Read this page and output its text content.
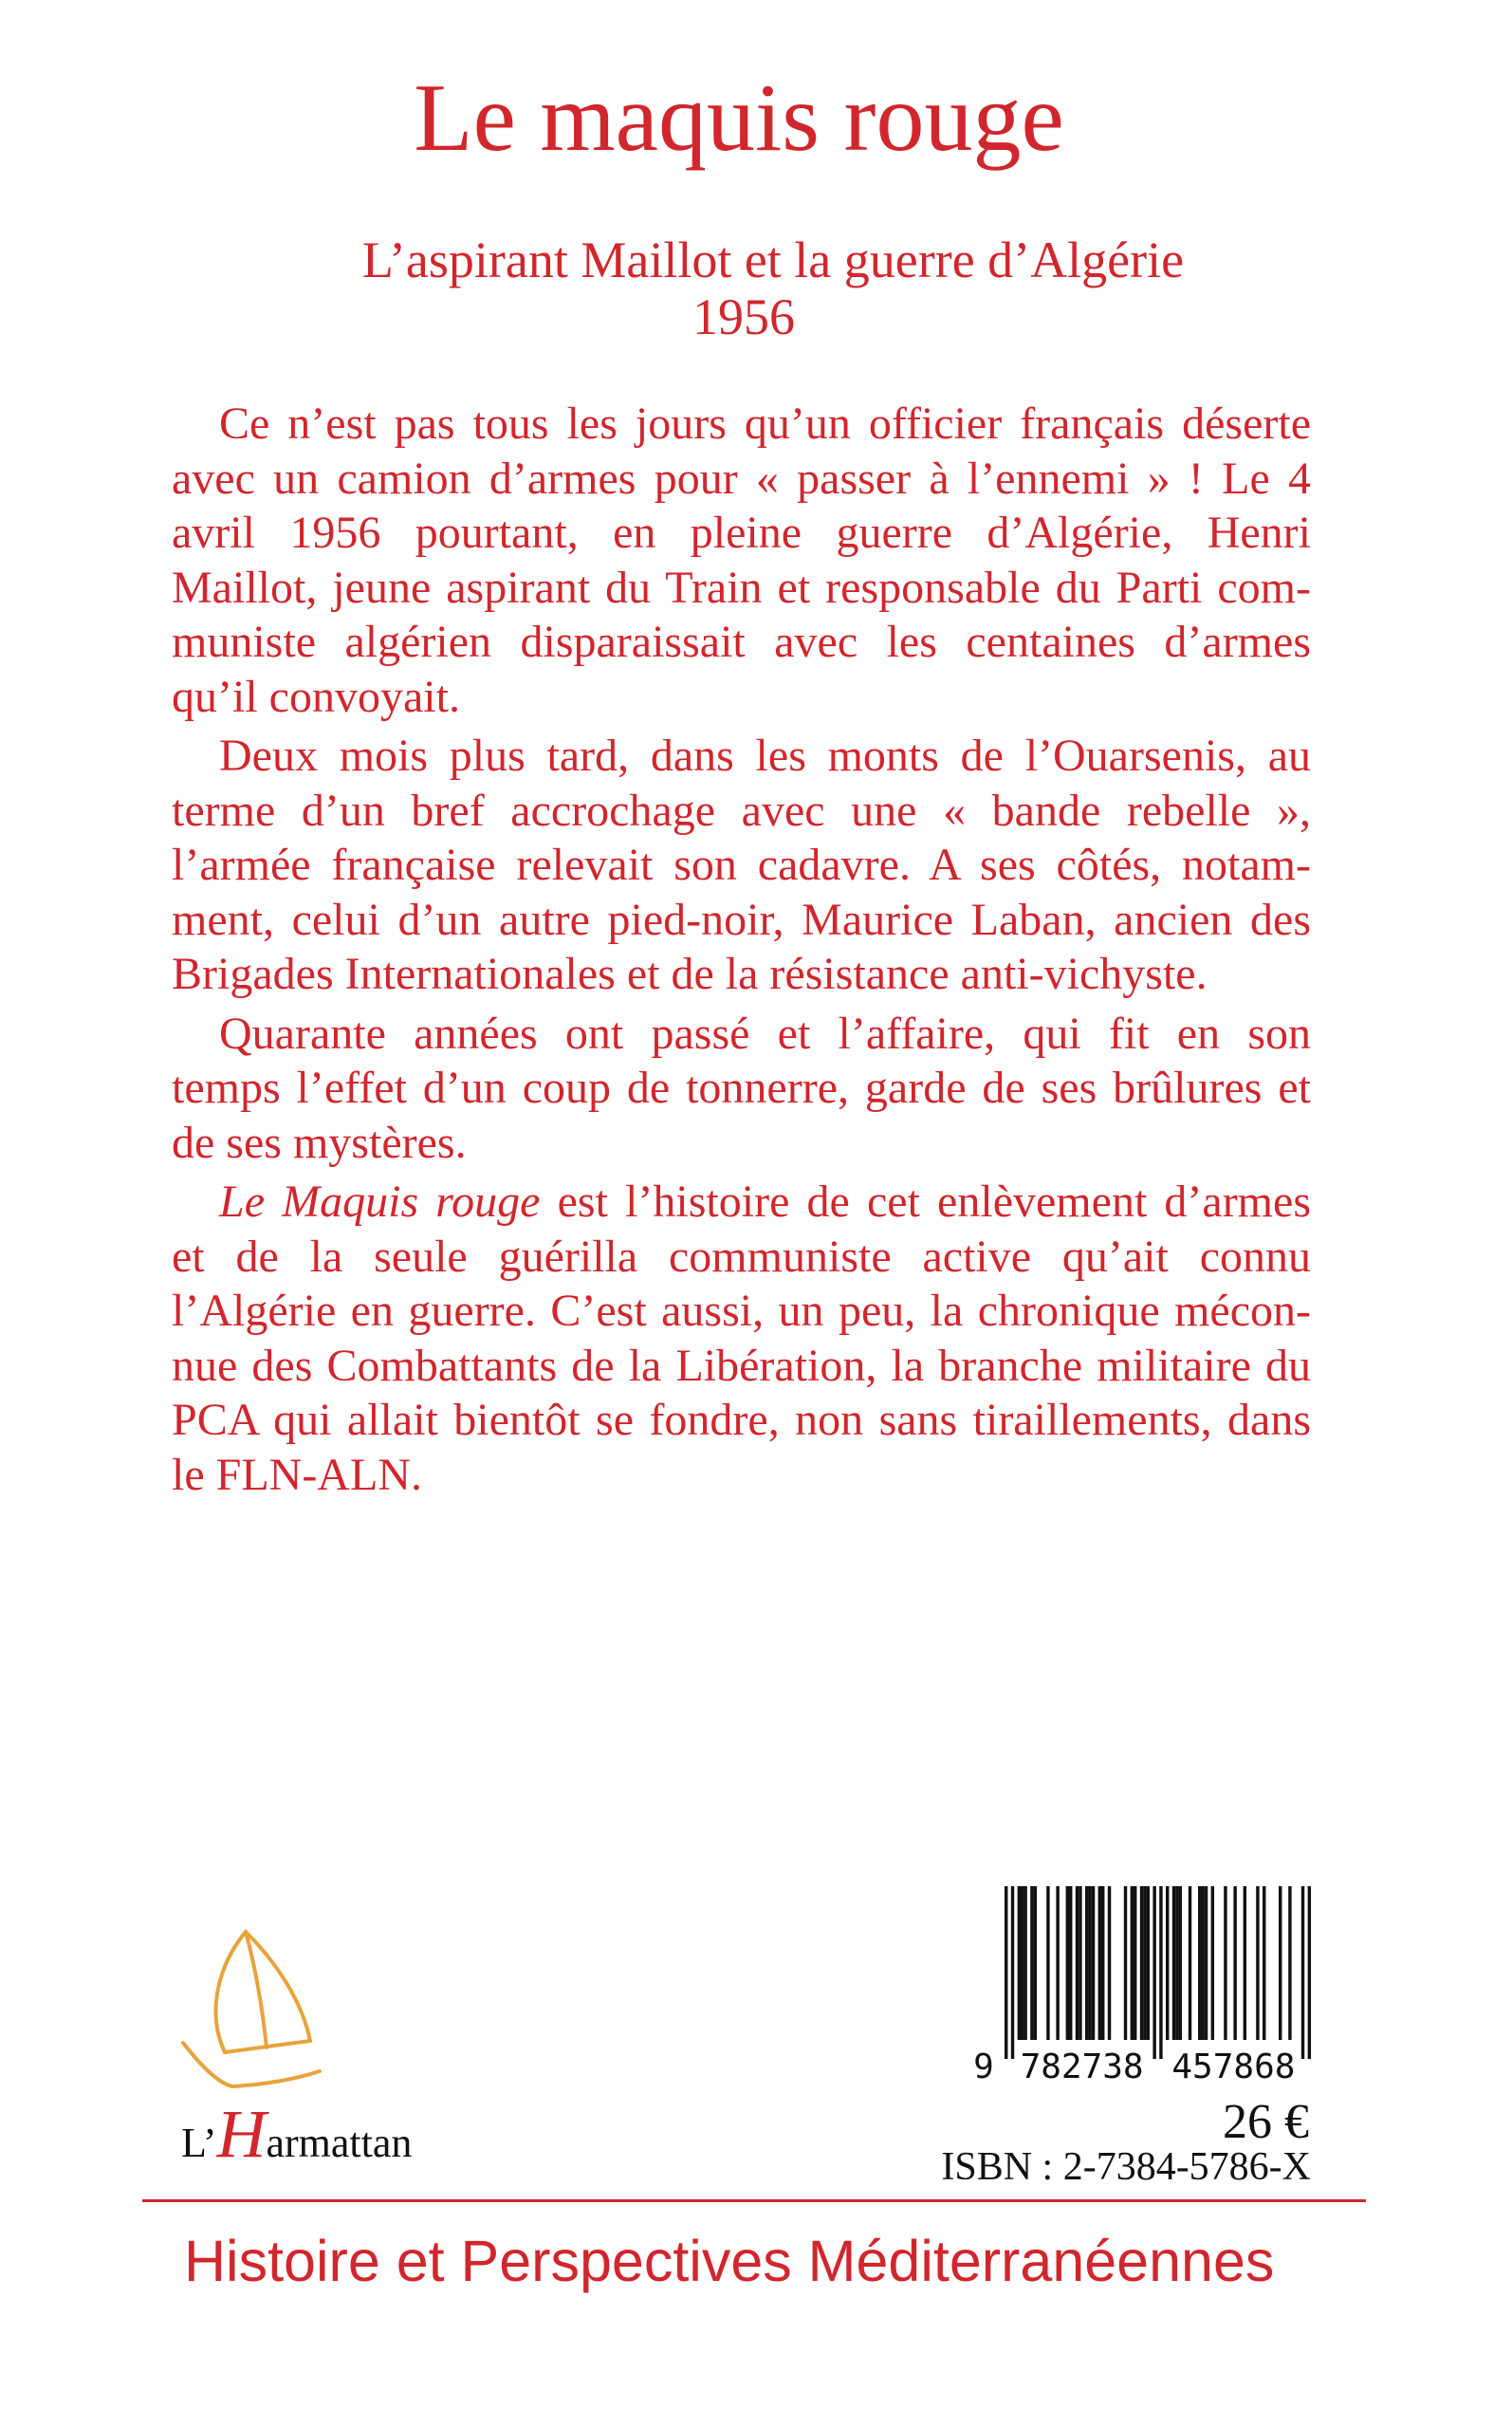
Le maquis rouge
L’aspirant Maillot et la guerre d’Algérie
1956
Ce n’est pas tous les jours qu’un officier français déserte
avec un camion d’armes pour « passer à l’ennemi » ! Le 4
avril 1956 pourtant, en pleine guerre d’Algérie, Henri
Maillot, jeune aspirant du Train et responsable du Parti com-
muniste algérien disparaissait avec les centaines d’armes
qu’il convoyait.
Deux mois plus tard, dans les monts de l’Ouarsenis, au
terme d’un bref accrochage avec une « bande rebelle »,
l’armée française relevait son cadavre. A ses côtés, notam-
ment, celui d’un autre pied-noir, Maurice Laban, ancien des
Brigades Internationales et de la résistance anti-vichyste.
Quarante années ont passé et l’affaire, qui fit en son
temps l’effet d’un coup de tonnerre, garde de ses brûlures et
de ses mystères.
Le Maquis rouge est l’histoire de cet enlèvement d’armes
et de la seule guérilla communiste active qu’ait connu
l’Algérie en guerre. C’est aussi, un peu, la chronique mécon-
nue des Combattants de la Libération, la branche militaire du
PCA qui allait bientôt se fondre, non sans tiraillements, dans
le FLN-ALN.
L’Harmattan
9 782738 457868
26 €
ISBN : 2-7384-5786-X
Histoire et Perspectives Méditerranéennes
